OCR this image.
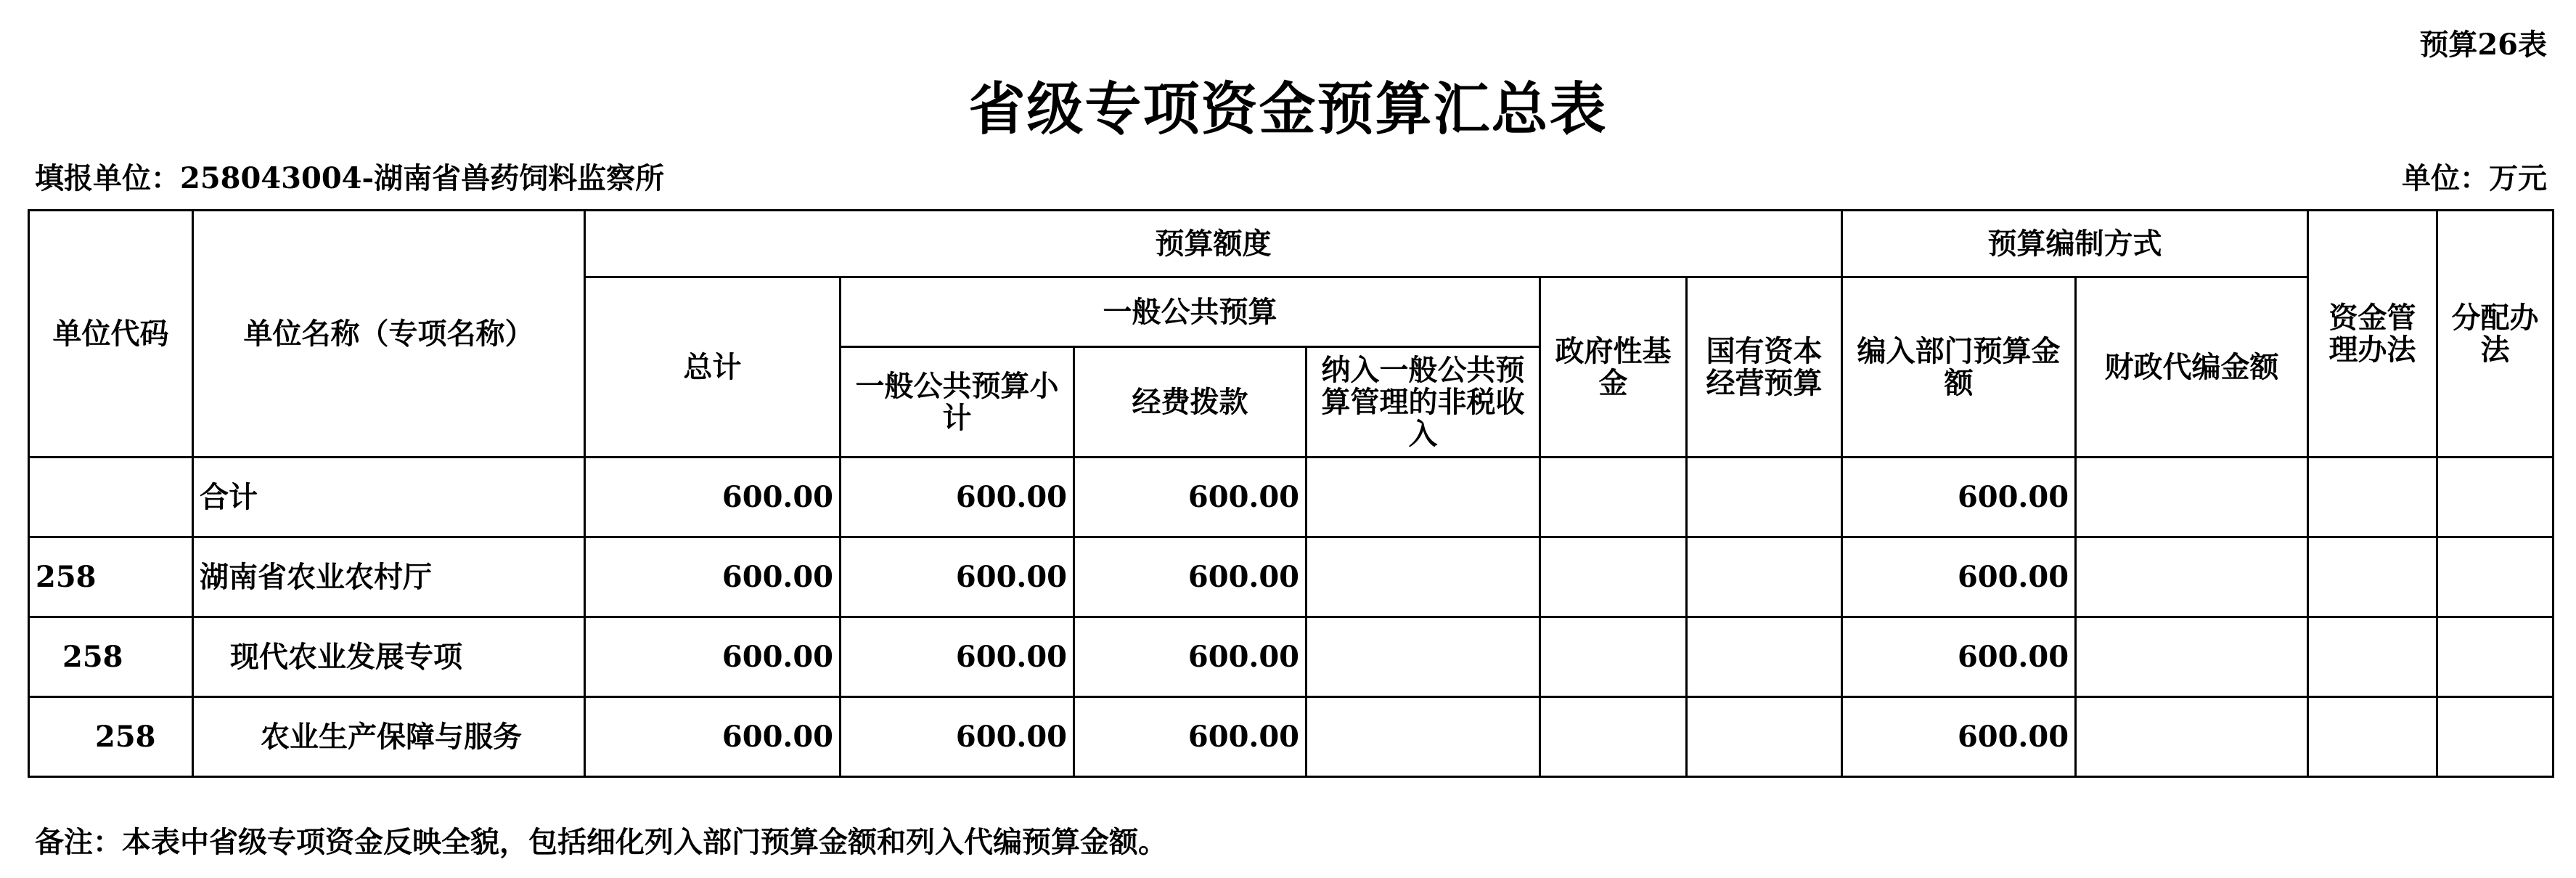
预算26表
省级专项资金预算汇总表
填报单位：258043004-湖南省兽药饲料监察所	单位：万元
单位代码	单位名称（专项名称）	预算额度						预算编制方式		资金管理办法	分配办法
		总计	一般公共预算			政府性基金	国有资本经营预算	编入部门预算金额	财政代编金额		
			一般公共预算小计	经费拨款	纳入一般公共预算管理的非税收入						
	合计	600.00	600.00	600.00				600.00			
258	湖南省农业农村厅	600.00	600.00	600.00				600.00			
258	现代农业发展专项	600.00	600.00	600.00				600.00			
258	农业生产保障与服务	600.00	600.00	600.00				600.00			
备注：本表中省级专项资金反映全貌，包括细化列入部门预算金额和列入代编预算金额。
